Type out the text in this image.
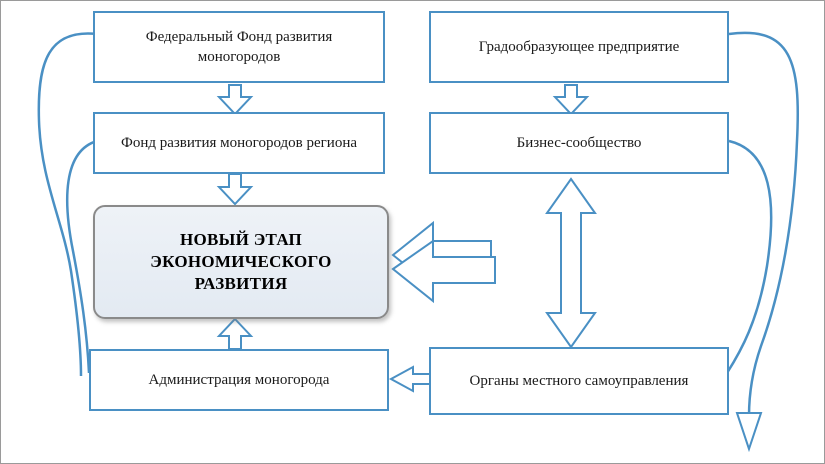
Федеральный Фонд развития моногородов
Градообразующее предприятие
Фонд развития моногородов региона	Бизнес-сообщество
НОВЫЙ ЭТАП
ЭКОНОМИЧЕСКОГО
РАЗВИТИЯ
Администрация моногорода	Органы местного самоуправления
